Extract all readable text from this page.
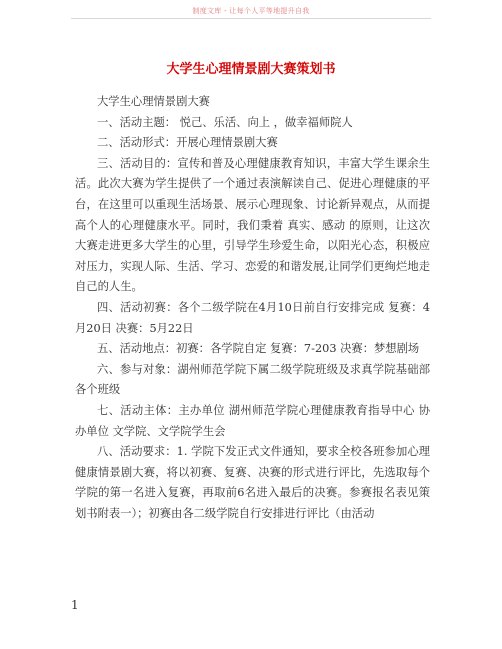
制度文库 - 让每个人平等地提升自我
大学生心理情景剧大赛策划书

大学生心理情景剧大赛

一、活动主题： 悦己、乐活、向上 ，做幸福师院人

二、活动形式：开展心理情景剧大赛

三、活动目的：宣传和普及心理健康教育知识，丰富大学生课余生活。此次大赛为学生提供了一个通过表演解读自己、促进心理健康的平台，在这里可以重现生活场景、展示心理现象、讨论新异观点，从而提高个人的心理健康水平。同时，我们秉着 真实、感动 的原则，让这次大赛走进更多大学生的心里，引导学生珍爱生命，以阳光心态，积极应对压力，实现人际、生活、学习、恋爱的和谐发展,让同学们更绚烂地走自己的人生。

四、活动初赛：各个二级学院在4月10日前自行安排完成 复赛：4月20日 决赛：5月22日

五、活动地点：初赛：各学院自定 复赛：7-203 决赛：梦想剧场

六、参与对象：湖州师范学院下属二级学院班级及求真学院基础部各个班级

七、活动主体：主办单位 湖州师范学院心理健康教育指导中心 协办单位 文学院、文学院学生会

八、活动要求：1. 学院下发正式文件通知，要求全校各班参加心理健康情景剧大赛，将以初赛、复赛、决赛的形式进行评比，先选取每个学院的第一名进入复赛，再取前6名进入最后的决赛。参赛报名表见策划书附表一）；初赛由各二级学院自行安排进行评比（由活动

1
